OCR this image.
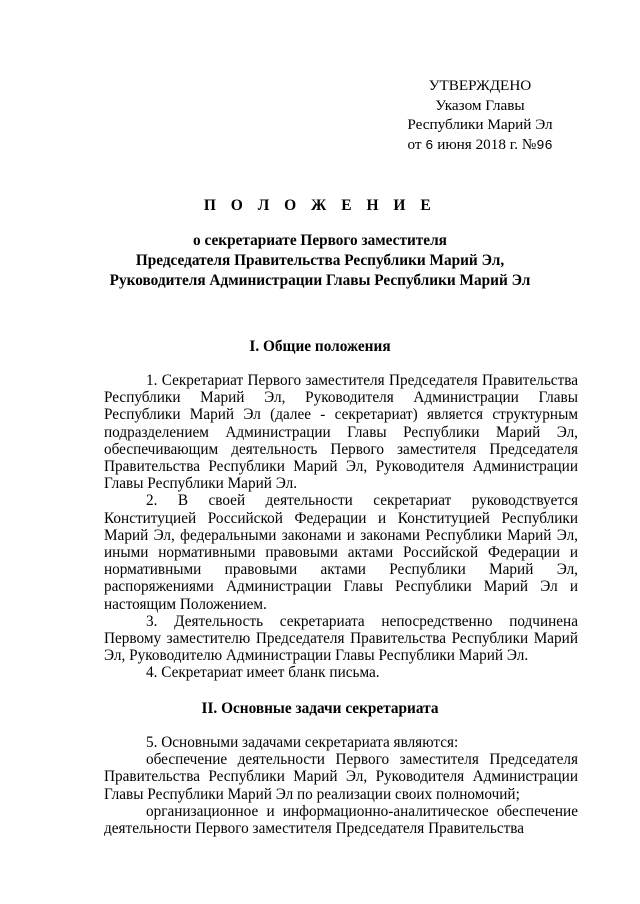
УТВЕРЖДЕНО
Указом Главы
Республики Марий Эл
от 6 июня 2018 г. №96
П О Л О Ж Е Н И Е
о секретариате Первого заместителя
Председателя Правительства Республики Марий Эл,
Руководителя Администрации Главы Республики Марий Эл
I. Общие положения

1. Секретариат Первого заместителя Председателя Правительства Республики Марий Эл, Руководителя Администрации Главы Республики Марий Эл (далее - секретариат) является структурным подразделением Администрации Главы Республики Марий Эл, обеспечивающим деятельность Первого заместителя Председателя Правительства Республики Марий Эл, Руководителя Администрации Главы Республики Марий Эл.

2. В своей деятельности секретариат руководствуется Конституцией Российской Федерации и Конституцией Республики Марий Эл, федеральными законами и законами Республики Марий Эл, иными нормативными правовыми актами Российской Федерации и нормативными правовыми актами Республики Марий Эл, распоряжениями Администрации Главы Республики Марий Эл и настоящим Положением.

3. Деятельность секретариата непосредственно подчинена Первому заместителю Председателя Правительства Республики Марий Эл, Руководителю Администрации Главы Республики Марий Эл.

4. Секретариат имеет бланк письма.

II. Основные задачи секретариата

5. Основными задачами секретариата являются:

обеспечение деятельности Первого заместителя Председателя Правительства Республики Марий Эл, Руководителя Администрации Главы Республики Марий Эл по реализации своих полномочий;

организационное и информационно-аналитическое обеспечение деятельности Первого заместителя Председателя Правительства
